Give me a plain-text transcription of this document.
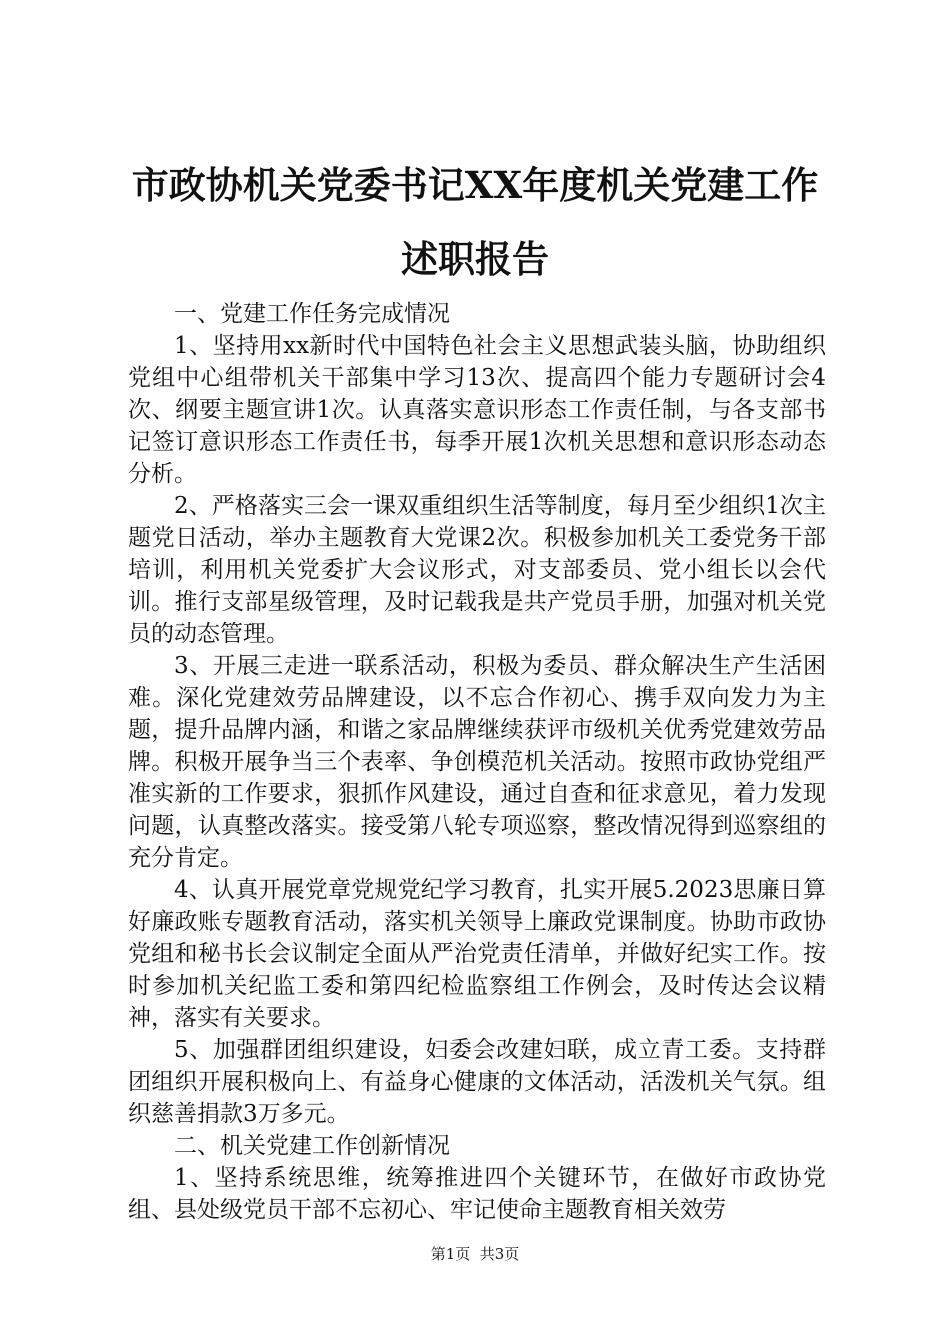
市政协机关党委书记XX年度机关党建工作述职报告

一、党建工作任务完成情况

1、坚持用xx新时代中国特色社会主义思想武装头脑，协助组织党组中心组带机关干部集中学习13次、提高四个能力专题研讨会4次、纲要主题宣讲1次。认真落实意识形态工作责任制，与各支部书记签订意识形态工作责任书，每季开展1次机关思想和意识形态动态分析。

2、严格落实三会一课双重组织生活等制度，每月至少组织1次主题党日活动，举办主题教育大党课2次。积极参加机关工委党务干部培训，利用机关党委扩大会议形式，对支部委员、党小组长以会代训。推行支部星级管理，及时记载我是共产党员手册，加强对机关党员的动态管理。

3、开展三走进一联系活动，积极为委员、群众解决生产生活困难。深化党建效劳品牌建设，以不忘合作初心、携手双向发力为主题，提升品牌内涵，和谐之家品牌继续获评市级机关优秀党建效劳品牌。积极开展争当三个表率、争创模范机关活动。按照市政协党组严准实新的工作要求，狠抓作风建设，通过自查和征求意见，着力发现问题，认真整改落实。接受第八轮专项巡察，整改情况得到巡察组的充分肯定。

4、认真开展党章党规党纪学习教育，扎实开展5.2023思廉日算好廉政账专题教育活动，落实机关领导上廉政党课制度。协助市政协党组和秘书长会议制定全面从严治党责任清单，并做好纪实工作。按时参加机关纪监工委和第四纪检监察组工作例会，及时传达会议精神，落实有关要求。

5、加强群团组织建设，妇委会改建妇联，成立青工委。支持群团组织开展积极向上、有益身心健康的文体活动，活泼机关气氛。组织慈善捐款3万多元。

二、机关党建工作创新情况

1、坚持系统思维，统筹推进四个关键环节，在做好市政协党组、县处级党员干部不忘初心、牢记使命主题教育相关效劳

第1页  共3页
